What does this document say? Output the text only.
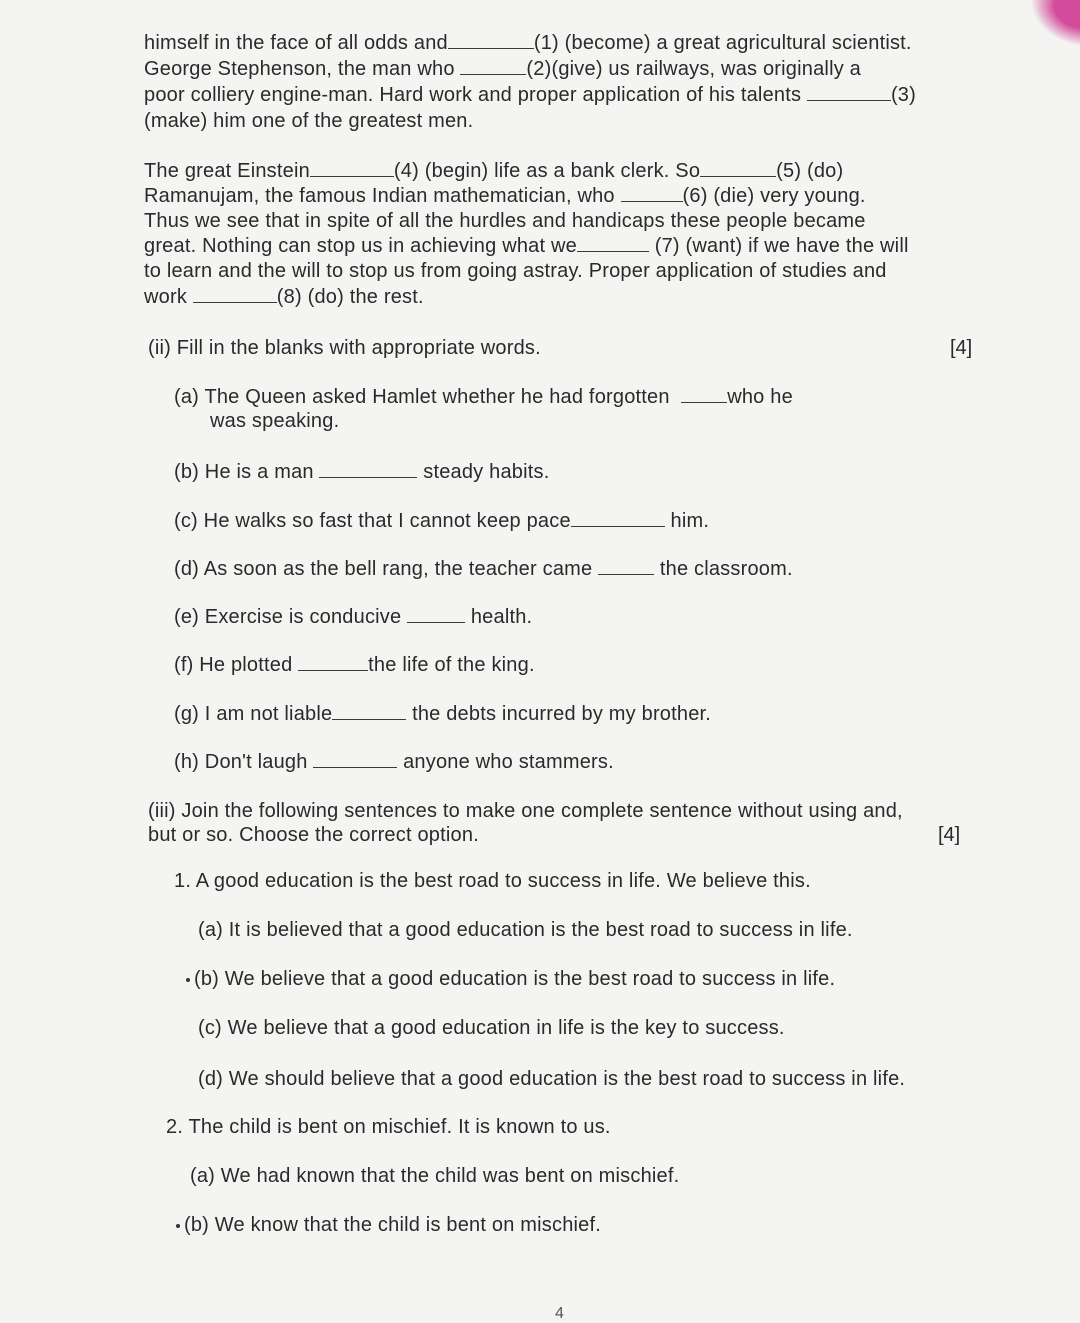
himself in the face of all odds and	(1) (become) a great agricultural scientist.
George Stephenson, the man who	(2)(give) us railways, was originally a
poor colliery engine-man. Hard work and proper application of his talents	(3)
(make) him one of the greatest men.
The great Einstein	(4) (begin) life as a bank clerk. So	(5) (do)
Ramanujam, the famous Indian mathematician, who	(6) (die) very young.
Thus we see that in spite of all the hurdles and handicaps these people became
great. Nothing can stop us in achieving what we	(7) (want) if we have the will
to learn and the will to stop us from going astray. Proper application of studies and
work	(8) (do) the rest.
(ii) Fill in the blanks with appropriate words.	[4]
(a) The Queen asked Hamlet whether he had forgotten	who he
was speaking.
(b) He is a man	steady habits.
(c) He walks so fast that I cannot keep pace	him.
(d) As soon as the bell rang, the teacher came	the classroom.
(e) Exercise is conducive	health.
(f) He plotted	the life of the king.
(g) I am not liable	the debts incurred by my brother.
(h) Don't laugh	anyone who stammers.
(iii) Join the following sentences to make one complete sentence without using and,
but or so. Choose the correct option.	[4]
1. A good education is the best road to success in life. We believe this.
(a) It is believed that a good education is the best road to success in life.
(b) We believe that a good education is the best road to success in life.
(c) We believe that a good education in life is the key to success.
(d) We should believe that a good education is the best road to success in life.
2. The child is bent on mischief. It is known to us.
(a) We had known that the child was bent on mischief.
(b) We know that the child is bent on mischief.
4
